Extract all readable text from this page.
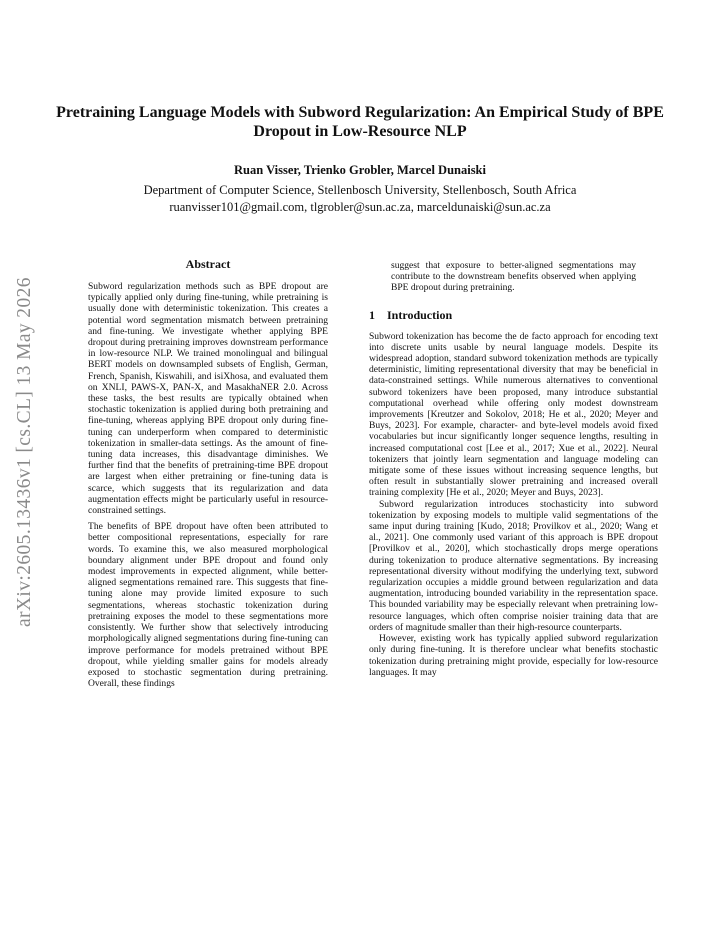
arXiv:2605.13436v1 [cs.CL] 13 May 2026
Pretraining Language Models with Subword Regularization: An Empirical Study of BPE Dropout in Low-Resource NLP
Ruan Visser, Trienko Grobler, Marcel Dunaiski
Department of Computer Science, Stellenbosch University, Stellenbosch, South Africa
ruanvisser101@gmail.com, tlgrobler@sun.ac.za, marceldunaiski@sun.ac.za
Abstract

Subword regularization methods such as BPE dropout are typically applied only during fine-tuning, while pretraining is usually done with deterministic tokenization. This creates a potential word segmentation mismatch between pretraining and fine-tuning. We investigate whether applying BPE dropout during pretraining improves downstream performance in low-resource NLP. We trained monolingual and bilingual BERT models on downsampled subsets of English, German, French, Spanish, Kiswahili, and isiXhosa, and evaluated them on XNLI, PAWS-X, PAN-X, and MasakhaNER 2.0. Across these tasks, the best results are typically obtained when stochastic tokenization is applied during both pretraining and fine-tuning, whereas applying BPE dropout only during fine-tuning can underperform when compared to deterministic tokenization in smaller-data settings. As the amount of fine-tuning data increases, this disadvantage diminishes. We further find that the benefits of pretraining-time BPE dropout are largest when either pretraining or fine-tuning data is scarce, which suggests that its regularization and data augmentation effects might be particularly useful in resource-constrained settings.

The benefits of BPE dropout have often been attributed to better compositional representations, especially for rare words. To examine this, we also measured morphological boundary alignment under BPE dropout and found only modest improvements in expected alignment, while better-aligned segmentations remained rare. This suggests that fine-tuning alone may provide limited exposure to such segmentations, whereas stochastic tokenization during pretraining exposes the model to these segmentations more consistently. We further show that selectively introducing morphologically aligned segmentations during fine-tuning can improve performance for models pretrained without BPE dropout, while yielding smaller gains for models already exposed to stochastic segmentation during pretraining. Overall, these findings

suggest that exposure to better-aligned segmentations may contribute to the downstream benefits observed when applying BPE dropout during pretraining.

1 Introduction

Subword tokenization has become the de facto approach for encoding text into discrete units usable by neural language models. Despite its widespread adoption, standard subword tokenization methods are typically deterministic, limiting representational diversity that may be beneficial in data-constrained settings. While numerous alternatives to conventional subword tokenizers have been proposed, many introduce substantial computational overhead while offering only modest downstream improvements [Kreutzer and Sokolov, 2018; He et al., 2020; Meyer and Buys, 2023]. For example, character- and byte-level models avoid fixed vocabularies but incur significantly longer sequence lengths, resulting in increased computational cost [Lee et al., 2017; Xue et al., 2022]. Neural tokenizers that jointly learn segmentation and language modeling can mitigate some of these issues without increasing sequence lengths, but often result in substantially slower pretraining and increased overall training complexity [He et al., 2020; Meyer and Buys, 2023].

Subword regularization introduces stochasticity into subword tokenization by exposing models to multiple valid segmentations of the same input during training [Kudo, 2018; Provilkov et al., 2020; Wang et al., 2021]. One commonly used variant of this approach is BPE dropout [Provilkov et al., 2020], which stochastically drops merge operations during tokenization to produce alternative segmentations. By increasing representational diversity without modifying the underlying text, subword regularization occupies a middle ground between regularization and data augmentation, introducing bounded variability in the representation space. This bounded variability may be especially relevant when pretraining low-resource languages, which often comprise noisier training data that are orders of magnitude smaller than their high-resource counterparts.

However, existing work has typically applied subword regularization only during fine-tuning. It is therefore unclear what benefits stochastic tokenization during pretraining might provide, especially for low-resource languages. It may
